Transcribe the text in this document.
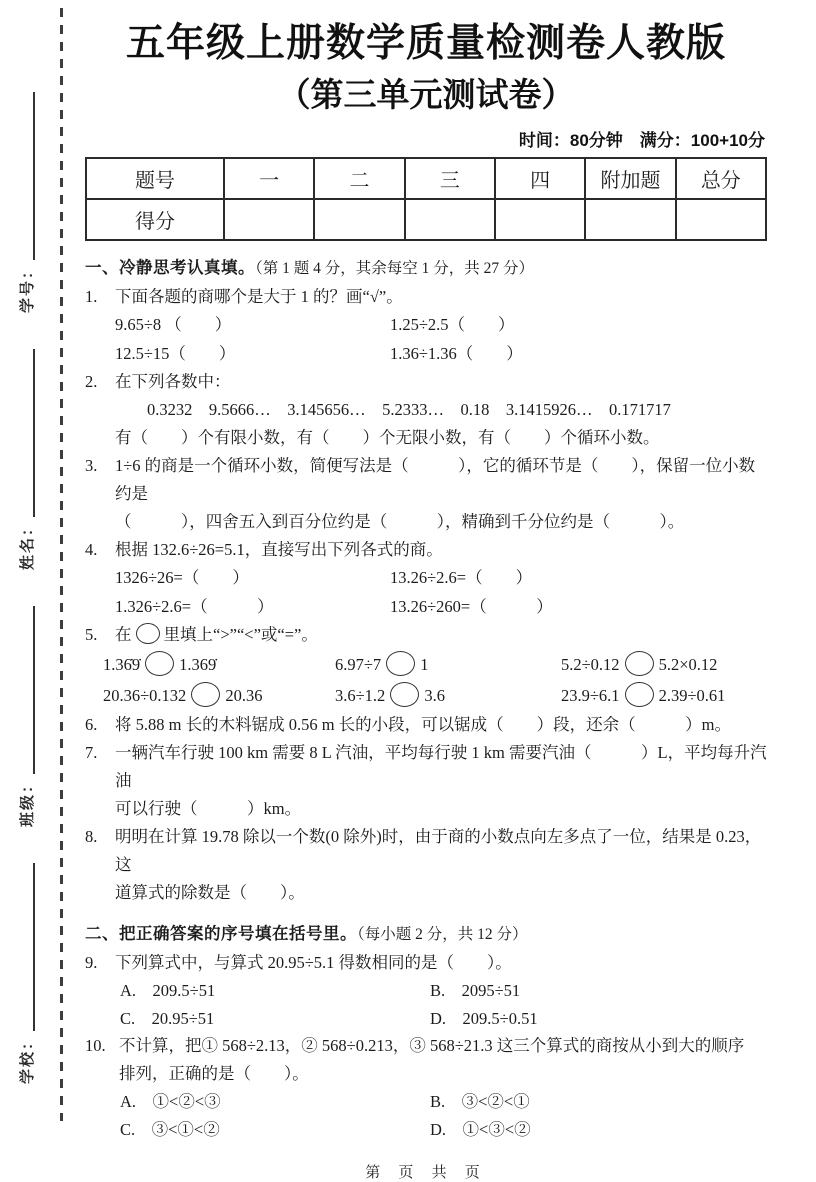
学校：
班级：
姓名：
学号：
五年级上册数学质量检测卷人教版
（第三单元测试卷）
时间：80分钟　满分：100+10分
题号	一	二	三	四	附加题	总分
得分						
一、冷静思考认真填。（第 1 题 4 分，其余每空 1 分，共 27 分）
1.	下面各题的商哪个是大于 1 的？画“√”。
9.65÷8 （　　）	1.25÷2.5（　　）
12.5÷15（　　）	1.36÷1.36（　　）
2.	在下列各数中：
0.3232　9.5666…　3.145656…　5.2333…　0.18　3.1415926…　0.171717
有（　　）个有限小数，有（　　）个无限小数，有（　　）个循环小数。
3.	1÷6 的商是一个循环小数，简便写法是（　　　），它的循环节是（　　），保留一位小数约是
（　　　），四舍五入到百分位约是（　　　），精确到千分位约是（　　　）。
4.	根据 132.6÷26=5.1，直接写出下列各式的商。
1326÷26=（　　）	13.26÷2.6=（　　）
1.326÷2.6=（　　　）	13.26÷260=（　　　）
5.	在 里填上“>”“<”或“=”。
1.36̇9̇ 1.369̇	6.97÷7 1	5.2÷0.12 5.2×0.12
20.36÷0.132 20.36	3.6÷1.2 3.6	23.9÷6.1 2.39÷0.61
6.	将 5.88 m 长的木料锯成 0.56 m 长的小段，可以锯成（　　）段，还余（　　　）m。
7.	一辆汽车行驶 100 km 需要 8 L 汽油，平均每行驶 1 km 需要汽油（　　　）L，平均每升汽油
可以行驶（　　　）km。
8.	明明在计算 19.78 除以一个数(0 除外)时，由于商的小数点向左多点了一位，结果是 0.23，这
道算式的除数是（　　）。
二、把正确答案的序号填在括号里。（每小题 2 分，共 12 分）
9.	下列算式中，与算式 20.95÷5.1 得数相同的是（　　）。
A.　209.5÷51	B.　2095÷51
C.　20.95÷51	D.　209.5÷0.51
10. 不计算，把① 568÷2.13，② 568÷0.213，③ 568÷21.3 这三个算式的商按从小到大的顺序
排列，正确的是（　　）。
A.　①<②<③	B.　③<②<①
C.　③<①<②	D.　①<③<②
第 页 共 页
